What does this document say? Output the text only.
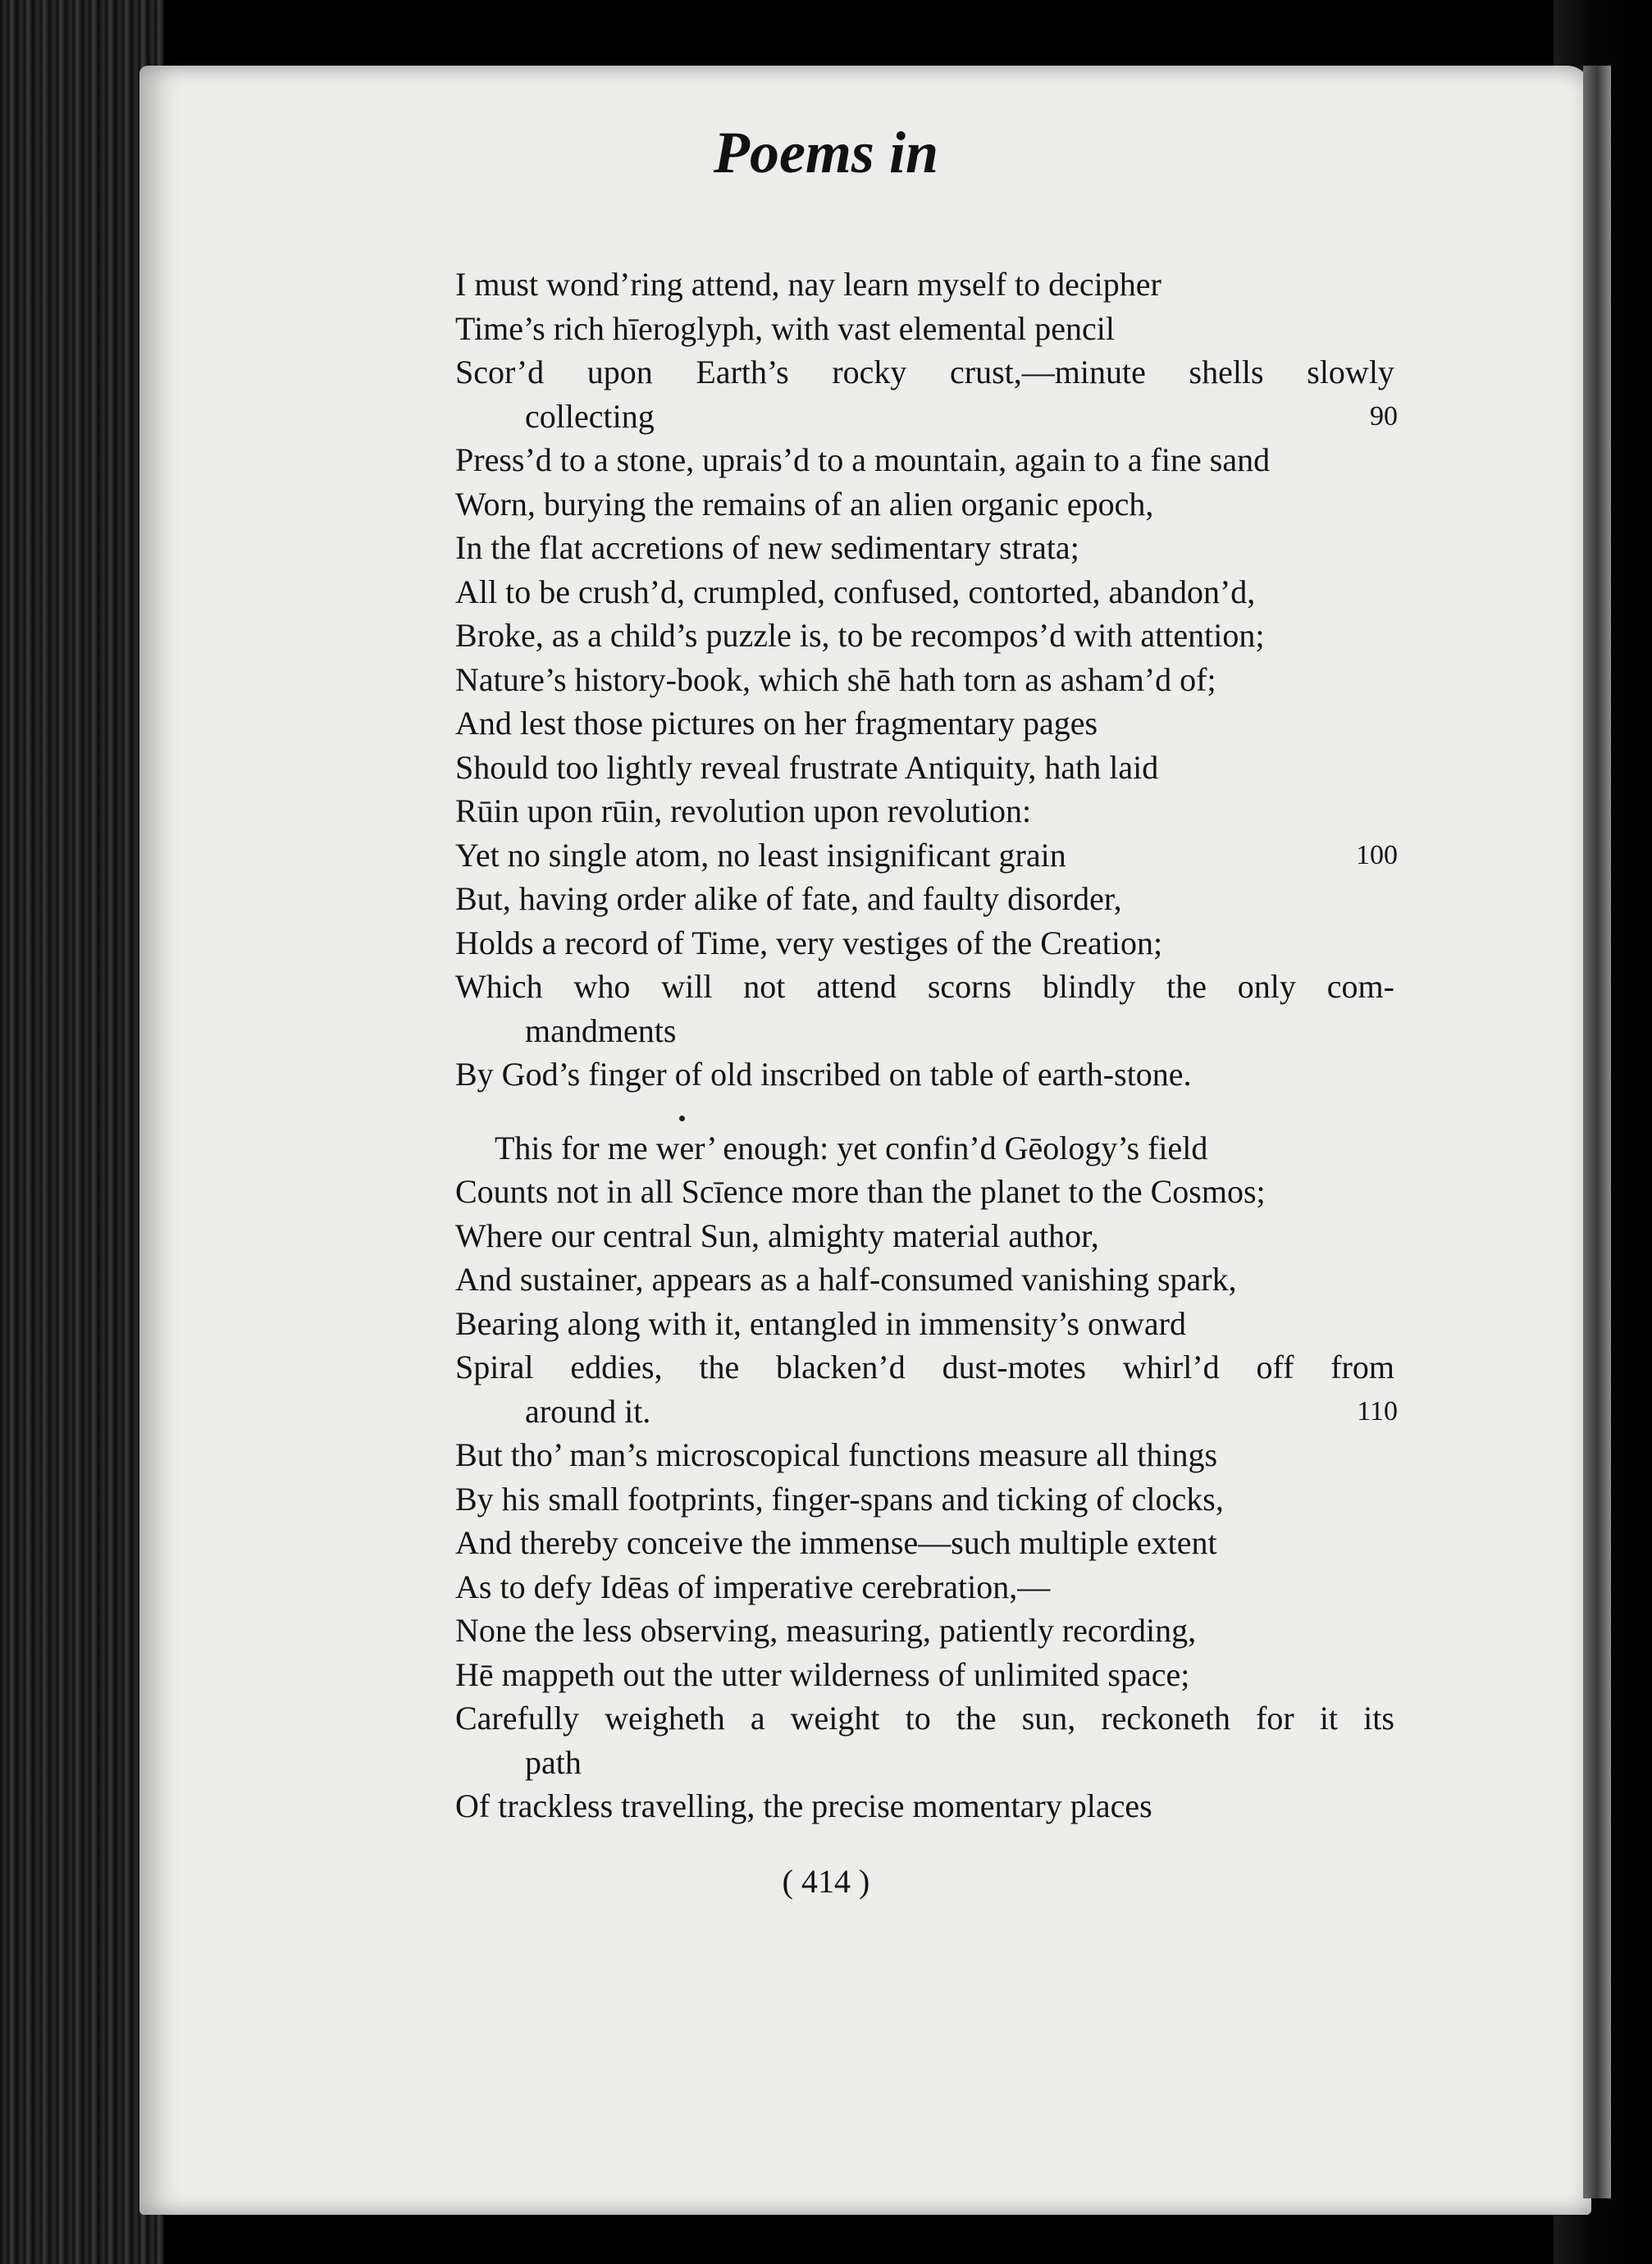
Poems in
I must wond’ring attend, nay learn myself to decipher
Time’s rich hīeroglyph, with vast elemental pencil
Scor’d upon Earth’s rocky crust,—minute shells slowly
collecting	90
Press’d to a stone, uprais’d to a mountain, again to a fine sand
Worn, burying the remains of an alien organic epoch,
In the flat accretions of new sedimentary strata;
All to be crush’d, crumpled, confused, contorted, abandon’d,
Broke, as a child’s puzzle is, to be recompos’d with attention;
Nature’s history-book, which shē hath torn as asham’d of;
And lest those pictures on her fragmentary pages
Should too lightly reveal frustrate Antiquity, hath laid
Rūin upon rūin, revolution upon revolution:
Yet no single atom, no least insignificant grain	100
But, having order alike of fate, and faulty disorder,
Holds a record of Time, very vestiges of the Creation;
Which who will not attend scorns blindly the only com-
mandments
By God’s finger of old inscribed on table of earth-stone.
This for me wer’ enough: yet confin’d Gēology’s field
Counts not in all Scīence more than the planet to the Cosmos;
Where our central Sun, almighty material author,
And sustainer, appears as a half-consumed vanishing spark,
Bearing along with it, entangled in immensity’s onward
Spiral eddies, the blacken’d dust-motes whirl’d off from
around it.	110
But tho’ man’s microscopical functions measure all things
By his small footprints, finger-spans and ticking of clocks,
And thereby conceive the immense—such multiple extent
As to defy Idēas of imperative cerebration,—
None the less observing, measuring, patiently recording,
Hē mappeth out the utter wilderness of unlimited space;
Carefully weigheth a weight to the sun, reckoneth for it its
path
Of trackless travelling, the precise momentary places
( 414 )
